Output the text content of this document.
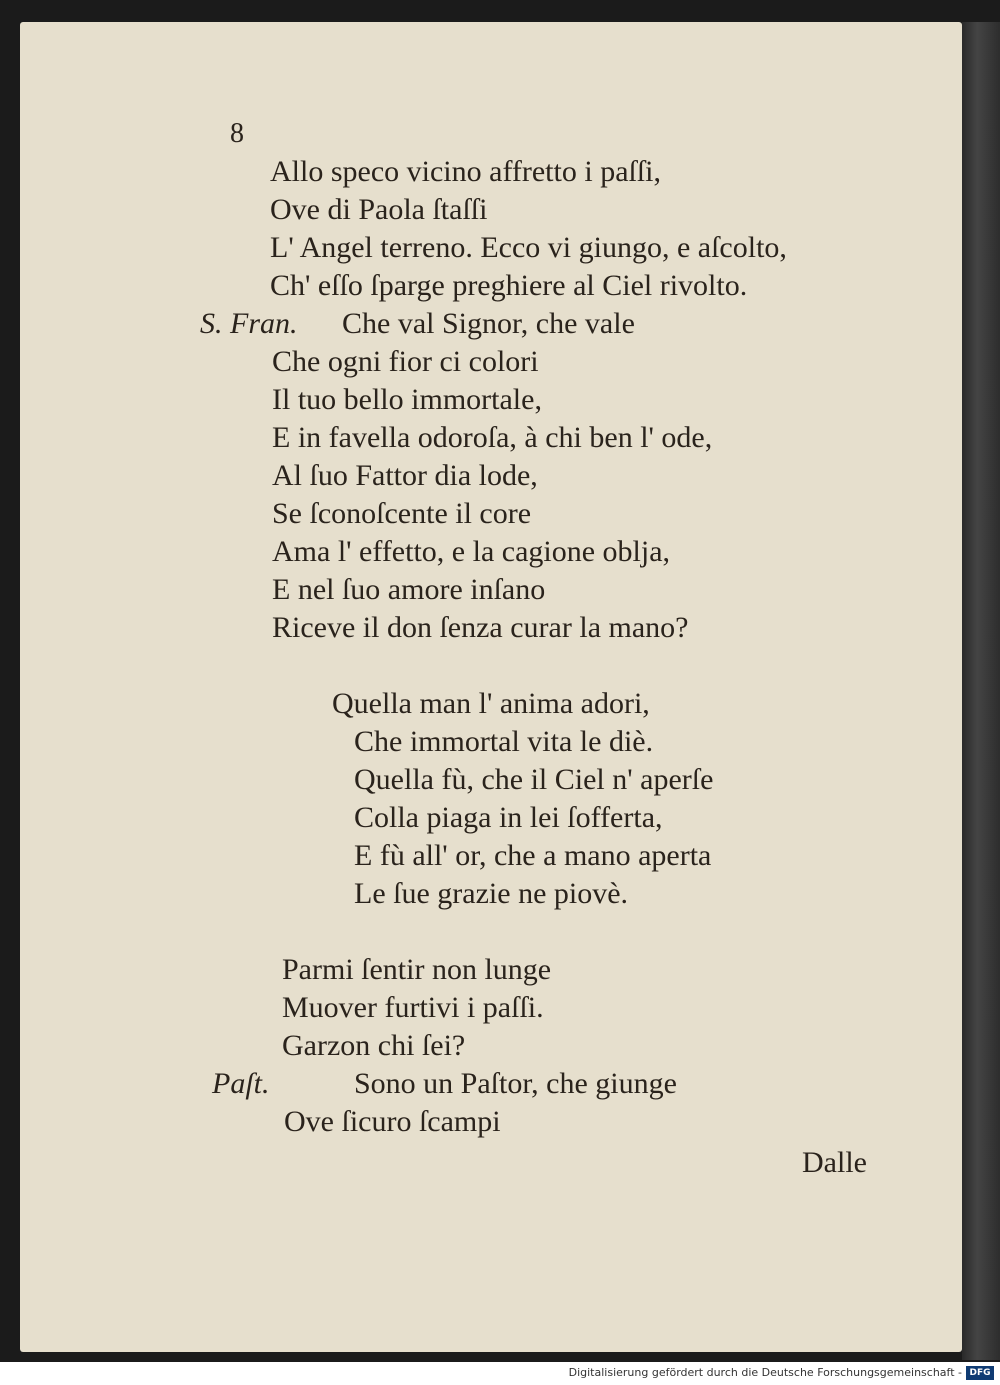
8

Allo speco vicino affretto i paſſi,

Ove di Paola ſtaſſi

L' Angel terreno. Ecco vi giungo, e aſcolto,

Ch' eſſo ſparge preghiere al Ciel rivolto.

S. Fran. Che val Signor, che vale

Che ogni fior ci colori

Il tuo bello immortale,

E in favella odoroſa, à chi ben l' ode,

Al ſuo Fattor dia lode,

Se ſconoſcente il core

Ama l' effetto, e la cagione oblja,

E nel ſuo amore inſano

Riceve il don ſenza curar la mano?

Quella man l' anima adori,

Che immortal vita le diè.

Quella fù, che il Ciel n' aperſe

Colla piaga in lei ſofferta,

E fù all' or, che a mano aperta

Le ſue grazie ne piovè.

Parmi ſentir non lunge

Muover furtivi i paſſi.

Garzon chi ſei?

Paſt.	Sono un Paſtor, che giunge

Ove ſicuro ſcampi

Dalle
Digitalisierung gefördert durch die Deutsche Forschungsgemeinschaft - DFG
